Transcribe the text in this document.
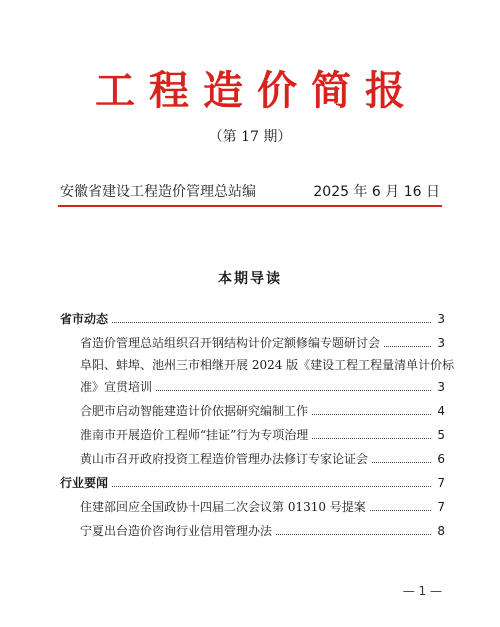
工程造价简报
（第 17 期）
安徽省建设工程造价管理总站编	2025 年 6 月 16 日
本期导读
省市动态	3
省造价管理总站组织召开钢结构计价定额修编专题研讨会	3
阜阳、蚌埠、池州三市相继开展 2024 版《建设工程工程量清单计价标
准》宣贯培训	3
合肥市启动智能建造计价依据研究编制工作	4
淮南市开展造价工程师“挂证”行为专项治理	5
黄山市召开政府投资工程造价管理办法修订专家论证会	6
行业要闻	7
住建部回应全国政协十四届二次会议第 01310 号提案	7
宁夏出台造价咨询行业信用管理办法	8
— 1 —
